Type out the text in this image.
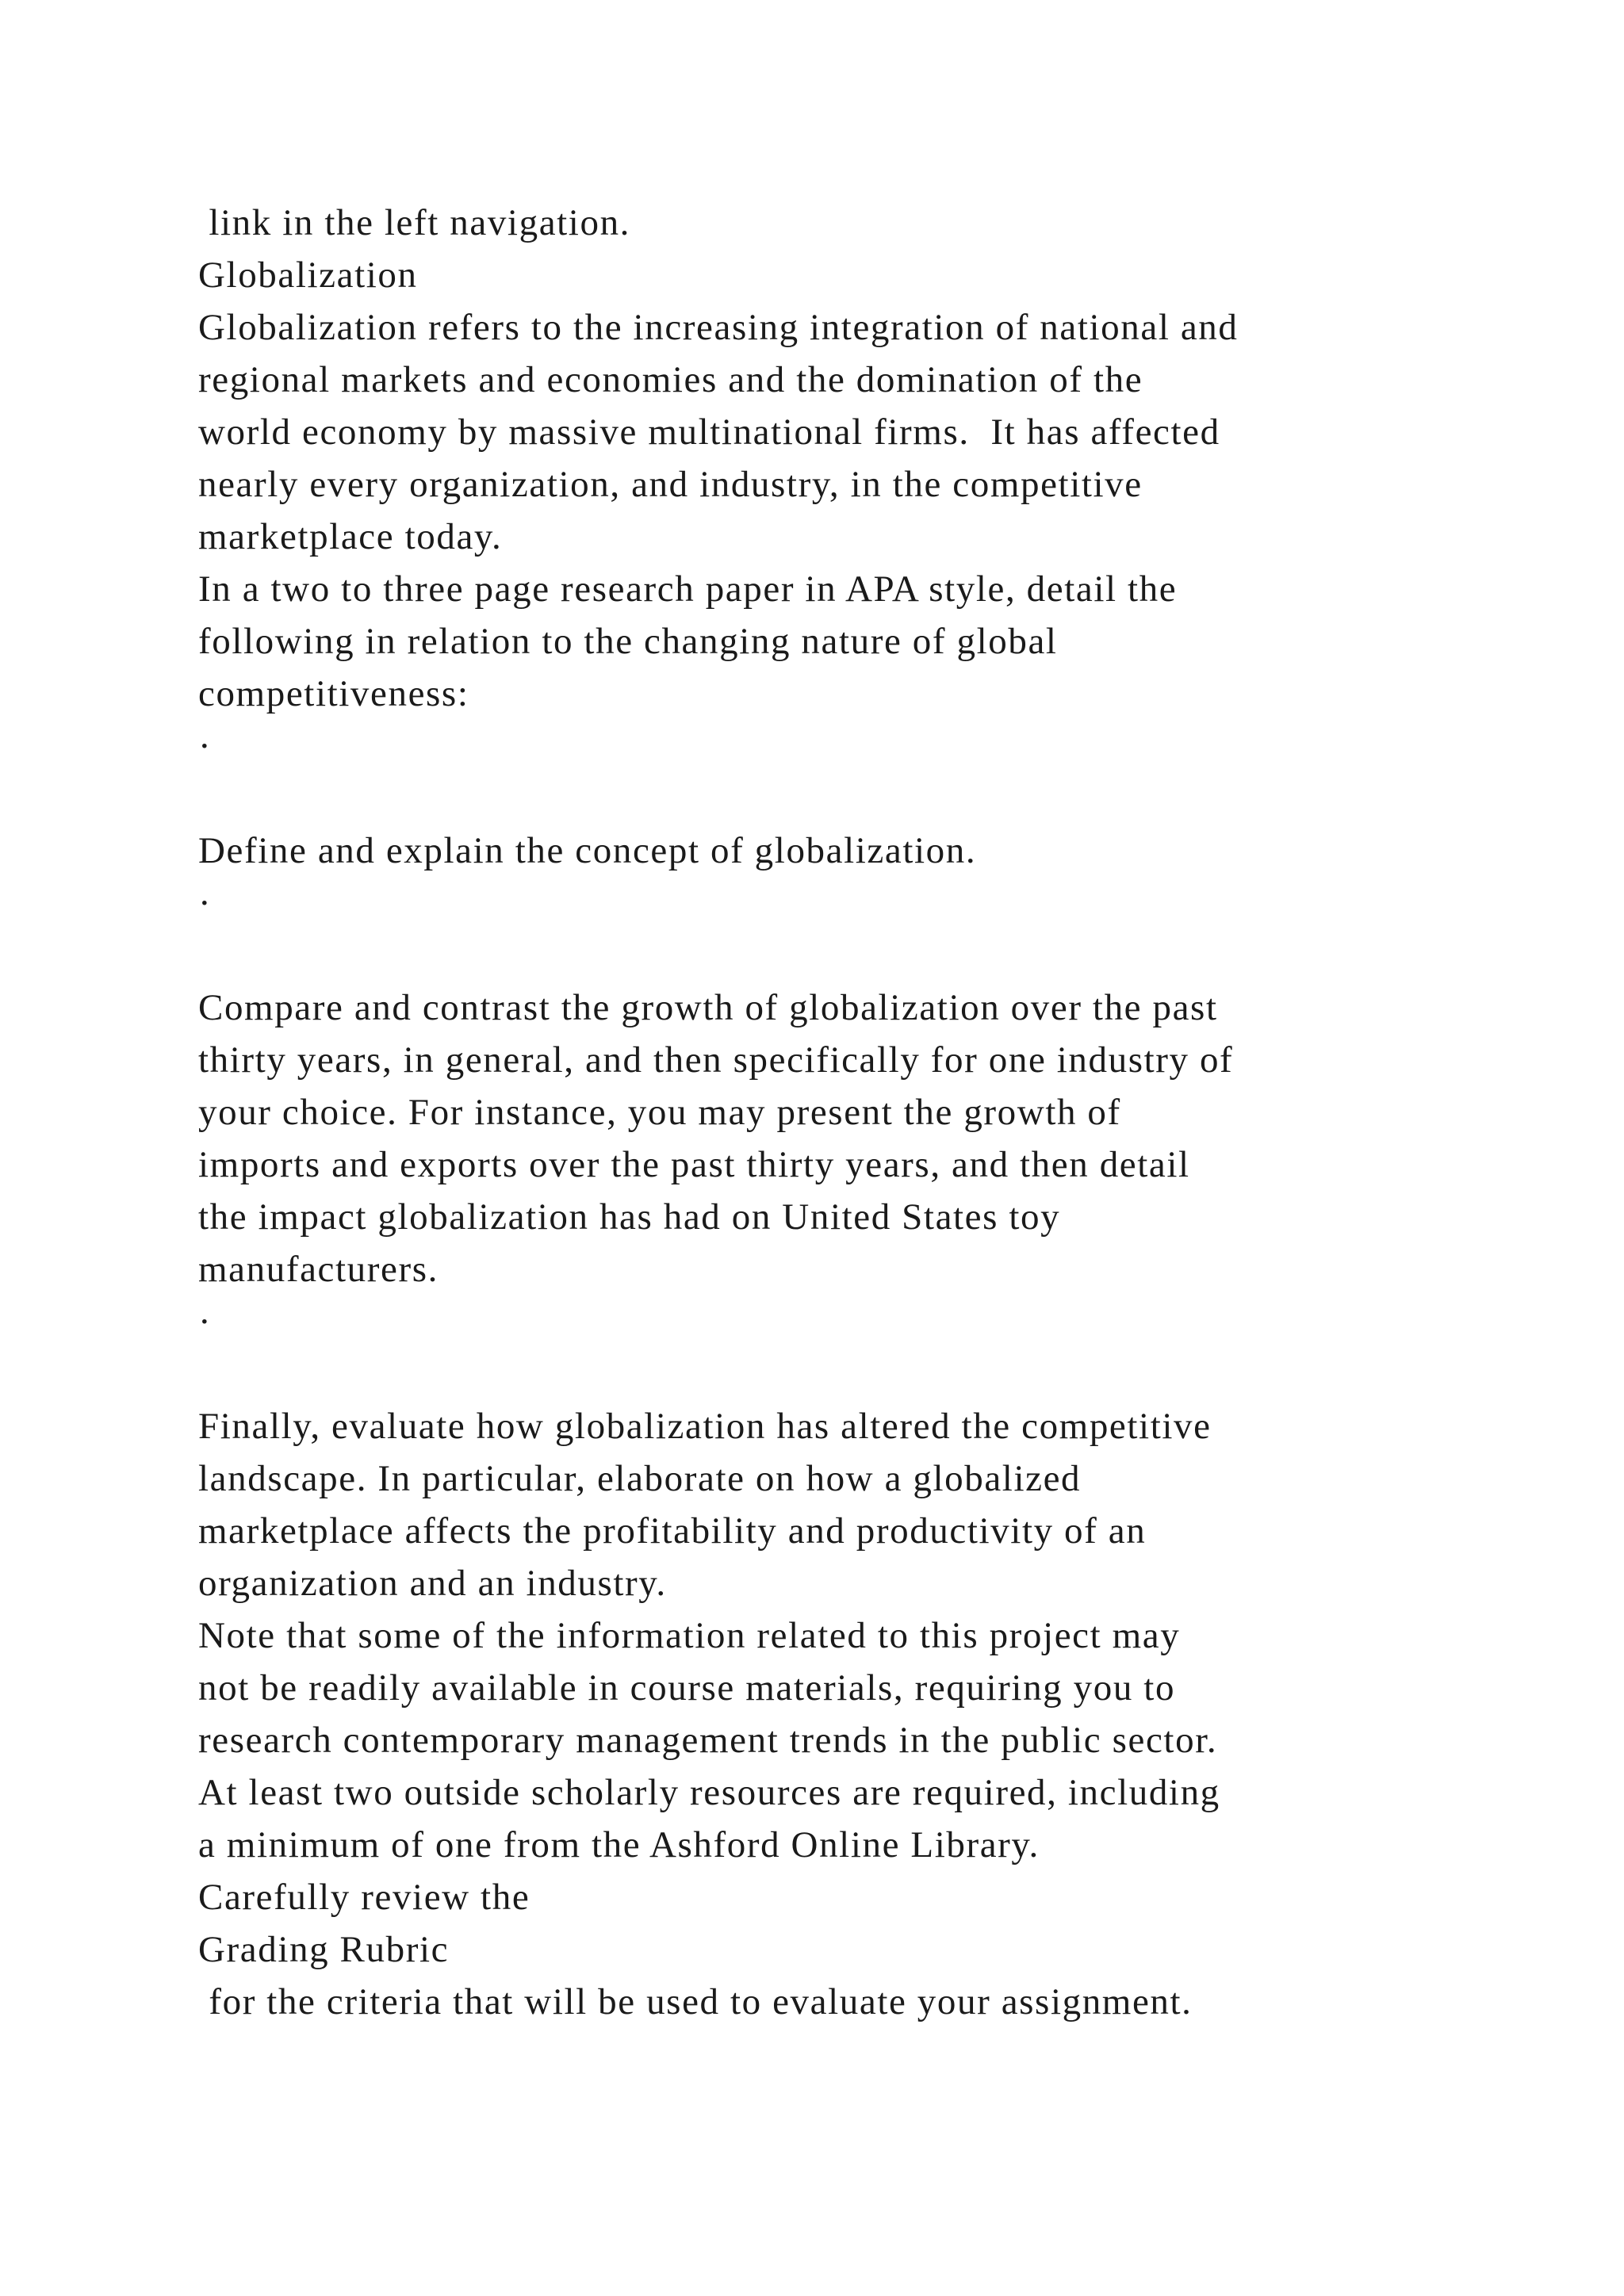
link in the left navigation.
Globalization
Globalization refers to the increasing integration of national and
regional markets and economies and the domination of the
world economy by massive multinational firms.  It has affected
nearly every organization, and industry, in the competitive
marketplace today.
In a two to three page research paper in APA style, detail the
following in relation to the changing nature of global
competitiveness:
·
Define and explain the concept of globalization.
·
Compare and contrast the growth of globalization over the past
thirty years, in general, and then specifically for one industry of
your choice. For instance, you may present the growth of
imports and exports over the past thirty years, and then detail
the impact globalization has had on United States toy
manufacturers.
·
Finally, evaluate how globalization has altered the competitive
landscape. In particular, elaborate on how a globalized
marketplace affects the profitability and productivity of an
organization and an industry.
Note that some of the information related to this project may
not be readily available in course materials, requiring you to
research contemporary management trends in the public sector.
At least two outside scholarly resources are required, including
a minimum of one from the Ashford Online Library.
Carefully review the
Grading Rubric
for the criteria that will be used to evaluate your assignment.
